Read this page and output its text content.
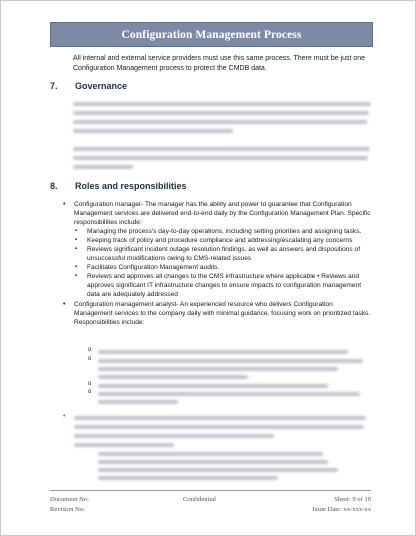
Configuration Management Process
All internal and external service providers must use this same process. There must be just one Configuration Management process to protect the CMDB data.
7. Governance
8. Roles and responsibilities
• Configuration manager- The manager has the ability and power to guarantee that Configuration Management services are delivered end-to-end daily by the Configuration Management Plan. Specific responsibilities include:
▪ Managing the process's day-to-day operations, including setting priorities and assigning tasks.
▪ Keeping track of policy and procedure compliance and addressing/escalating any concerns
▪ Reviews significant incident outage resolution findings, as well as answers and dispositions of unsuccessful modifications owing to CMS-related issues
▪ Facilitates Configuration Management audits.
▪ Reviews and approves all changes to the CMS infrastructure where applicable • Reviews and approves significant IT infrastructure changes to ensure impacts to configuration management data are adequately addressed
• Configuration management analyst- An experienced resource who delivers Configuration Management services to the company daily with minimal guidance, focusing work on prioritized tasks.
Responsibilities include:
o
o
o
o
•
Document No:	Confidential	Sheet: 9 of 10
Revision No:	Issue Date: xx-xxx-xx
